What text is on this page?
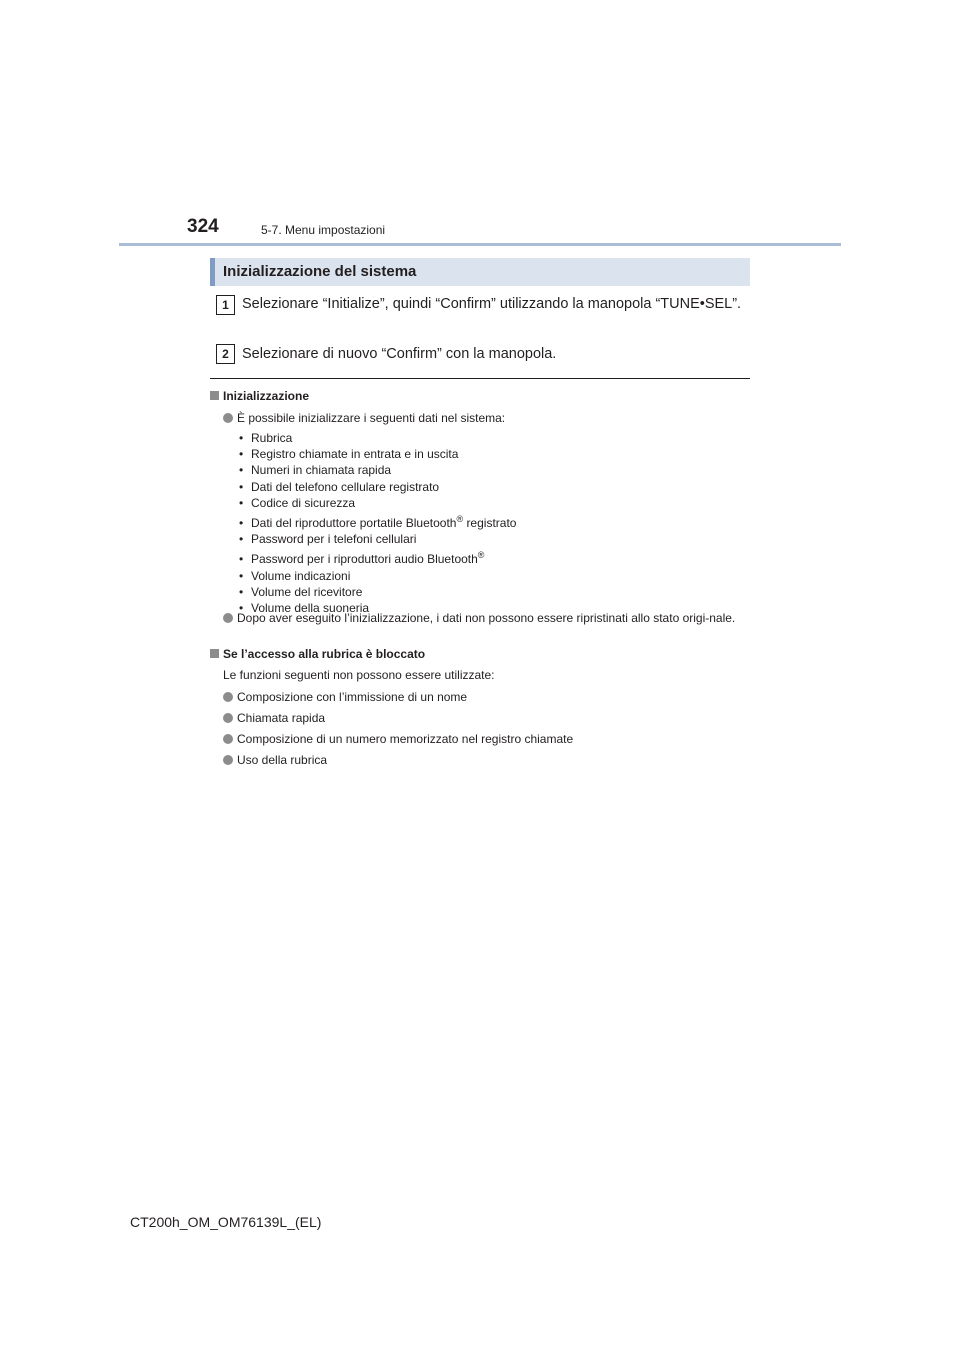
324	5-7. Menu impostazioni
Inizializzazione del sistema
1 Selezionare “Initialize”, quindi “Confirm” utilizzando la manopola “TUNE•SEL”.
2 Selezionare di nuovo “Confirm” con la manopola.
Inizializzazione
È possibile inizializzare i seguenti dati nel sistema:
• Rubrica
• Registro chiamate in entrata e in uscita
• Numeri in chiamata rapida
• Dati del telefono cellulare registrato
• Codice di sicurezza
• Dati del riproduttore portatile Bluetooth® registrato
• Password per i telefoni cellulari
• Password per i riproduttori audio Bluetooth®
• Volume indicazioni
• Volume del ricevitore
• Volume della suoneria
Dopo aver eseguito l’inizializzazione, i dati non possono essere ripristinati allo stato origi-nale.
Se l’accesso alla rubrica è bloccato
Le funzioni seguenti non possono essere utilizzate:
Composizione con l’immissione di un nome
Chiamata rapida
Composizione di un numero memorizzato nel registro chiamate
Uso della rubrica
CT200h_OM_OM76139L_(EL)
